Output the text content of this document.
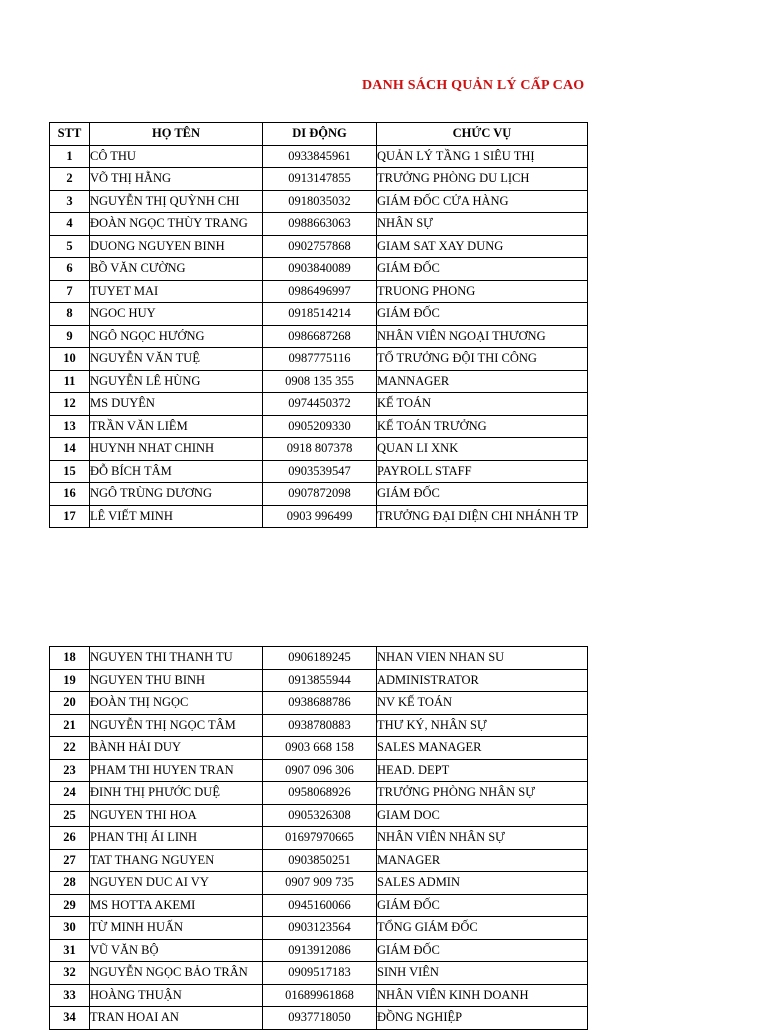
DANH SÁCH QUẢN LÝ CẤP CAO
STT	HỌ TÊN	DI ĐỘNG	CHỨC VỤ
1	CÔ THU	0933845961	QUẢN LÝ TẦNG 1 SIÊU THỊ
2	VÕ THỊ HẰNG	0913147855	TRƯỞNG PHÒNG DU LỊCH
3	NGUYỄN THỊ QUỲNH CHI	0918035032	GIÁM ĐỐC CỬA HÀNG
4	ĐOÀN NGỌC THÙY TRANG	0988663063	NHÂN SỰ
5	DUONG NGUYEN BINH	0902757868	GIAM SAT XAY DUNG
6	BỒ VĂN CƯỜNG	0903840089	GIÁM ĐỐC
7	TUYET MAI	0986496997	TRUONG PHONG
8	NGOC HUY	0918514214	GIÁM ĐỐC
9	NGÔ NGỌC HƯỚNG	0986687268	NHÂN VIÊN NGOẠI THƯƠNG
10	NGUYỄN VĂN TUỆ	0987775116	TỔ TRƯỞNG ĐỘI THI CÔNG
11	NGUYỄN LÊ HÙNG	0908 135 355	MANNAGER
12	MS DUYÊN	0974450372	KẾ TOÁN
13	TRẦN VĂN LIÊM	0905209330	KẾ TOÁN TRƯỞNG
14	HUYNH NHAT CHINH	0918 807378	QUAN LI XNK
15	ĐỖ BÍCH TÂM	0903539547	PAYROLL STAFF
16	NGÔ TRÙNG DƯƠNG	0907872098	GIÁM ĐỐC
17	LÊ VIẾT MINH	0903 996499	TRƯỞNG ĐẠI DIỆN CHI NHÁNH TP
18	NGUYEN THI THANH TU	0906189245	NHAN VIEN NHAN SU
19	NGUYEN THU BINH	0913855944	ADMINISTRATOR
20	ĐOÀN THỊ NGỌC	0938688786	NV KẾ TOÁN
21	NGUYỄN THỊ NGỌC TÂM	0938780883	THƯ KÝ, NHÂN SỰ
22	BÀNH HẢI DUY	0903 668 158	SALES MANAGER
23	PHAM THI HUYEN TRAN	0907 096 306	HEAD. DEPT
24	ĐINH THỊ PHƯỚC DUỆ	0958068926	TRƯỞNG PHÒNG NHÂN SỰ
25	NGUYEN THI HOA	0905326308	GIAM DOC
26	PHAN THỊ ÁI LINH	01697970665	NHÂN VIÊN NHÂN SỰ
27	TAT THANG NGUYEN	0903850251	MANAGER
28	NGUYEN DUC AI VY	0907 909 735	SALES ADMIN
29	MS HOTTA AKEMI	0945160066	GIÁM ĐỐC
30	TỪ MINH HUẤN	0903123564	TỔNG GIÁM ĐỐC
31	VŨ VĂN BỘ	0913912086	GIÁM ĐỐC
32	NGUYỄN NGỌC BẢO TRÂN	0909517183	SINH VIÊN
33	HOÀNG THUẬN	01689961868	NHÂN VIÊN KINH DOANH
34	TRAN HOAI AN	0937718050	ĐỒNG NGHIỆP
